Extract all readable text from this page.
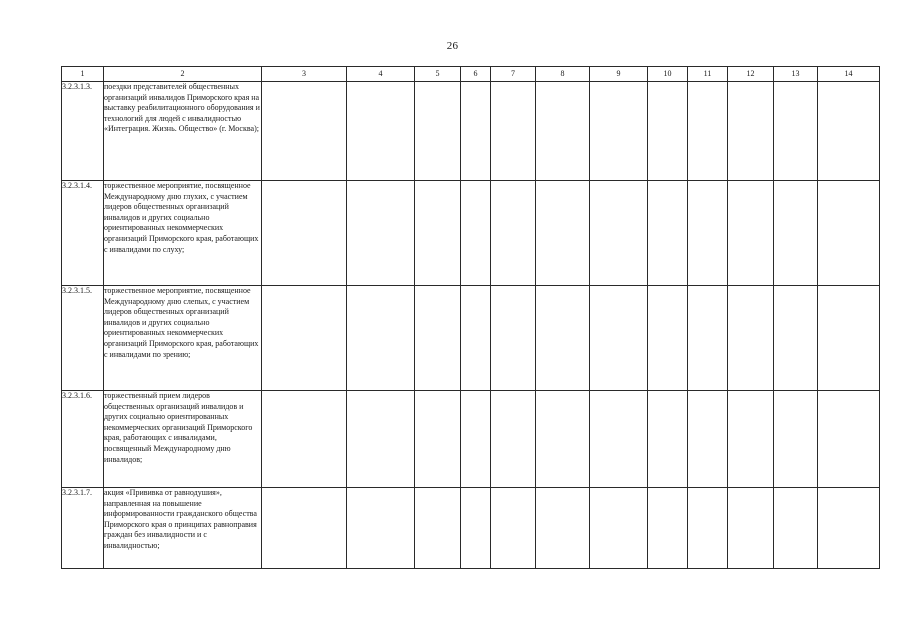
26
1	2	3	4	5	6	7	8	9	10	11	12	13	14
3.2.3.1.3.	поездки представителей общественных организаций инвалидов Приморского края на выставку реабилитационного оборудования и технологий для людей с инвалидностью «Интеграция. Жизнь. Общество» (г. Москва);												
3.2.3.1.4.	торжественное мероприятие, посвященное Международному дню глухих, с участием лидеров общественных организаций инвалидов и других социально ориентированных некоммерческих организаций Приморского края, работающих с инвалидами по слуху;												
3.2.3.1.5.	торжественное мероприятие, посвященное Международному дню слепых, с участием лидеров общественных организаций инвалидов и других социально ориентированных некоммерческих организаций Приморского края, работающих с инвалидами по зрению;												
3.2.3.1.6.	торжественный прием лидеров общественных организаций инвалидов и других социально ориентированных некоммерческих организаций Приморского края, работающих с инвалидами, посвященный Международному дню инвалидов;												
3.2.3.1.7.	акция «Прививка от равнодушия», направленная на повышение информированности гражданского общества Приморского края о принципах равноправия граждан без инвалидности и с инвалидностью;												
